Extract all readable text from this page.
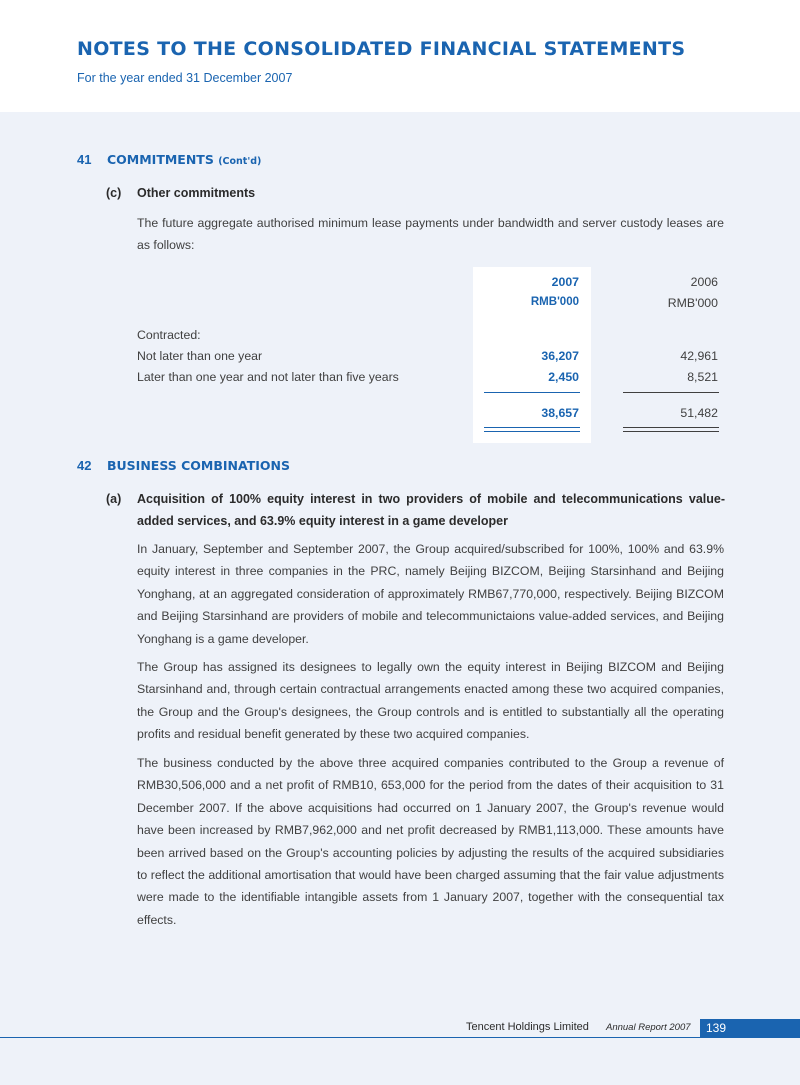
NOTES TO THE CONSOLIDATED FINANCIAL STATEMENTS
For the year ended 31 December 2007
41 COMMITMENTS (Cont'd)
(c) Other commitments

The future aggregate authorised minimum lease payments under bandwidth and server custody leases are as follows:

2007	2006
RMB'000	RMB'000
Contracted:
Not later than one year	36,207	42,961
Later than one year and not later than five years	2,450	8,521
38,657	51,482
42 BUSINESS COMBINATIONS
(a) Acquisition of 100% equity interest in two providers of mobile and telecommunications value-added services, and 63.9% equity interest in a game developer

In January, September and September 2007, the Group acquired/subscribed for 100%, 100% and 63.9% equity interest in three companies in the PRC, namely Beijing BIZCOM, Beijing Starsinhand and Beijing Yonghang, at an aggregated consideration of approximately RMB67,770,000, respectively. Beijing BIZCOM and Beijing Starsinhand are providers of mobile and telecommunictaions value-added services, and Beijing Yonghang is a game developer.

The Group has assigned its designees to legally own the equity interest in Beijing BIZCOM and Beijing Starsinhand and, through certain contractual arrangements enacted among these two acquired companies, the Group and the Group's designees, the Group controls and is entitled to substantially all the operating profits and residual benefit generated by these two acquired companies.

The business conducted by the above three acquired companies contributed to the Group a revenue of RMB30,506,000 and a net profit of RMB10, 653,000 for the period from the dates of their acquisition to 31 December 2007. If the above acquisitions had occurred on 1 January 2007, the Group's revenue would have been increased by RMB7,962,000 and net profit decreased by RMB1,113,000. These amounts have been arrived based on the Group's accounting policies by adjusting the results of the acquired subsidiaries to reflect the additional amortisation that would have been charged assuming that the fair value adjustments were made to the identifiable intangible assets from 1 January 2007, together with the consequential tax effects.

Tencent Holdings Limited Annual Report 2007	139
